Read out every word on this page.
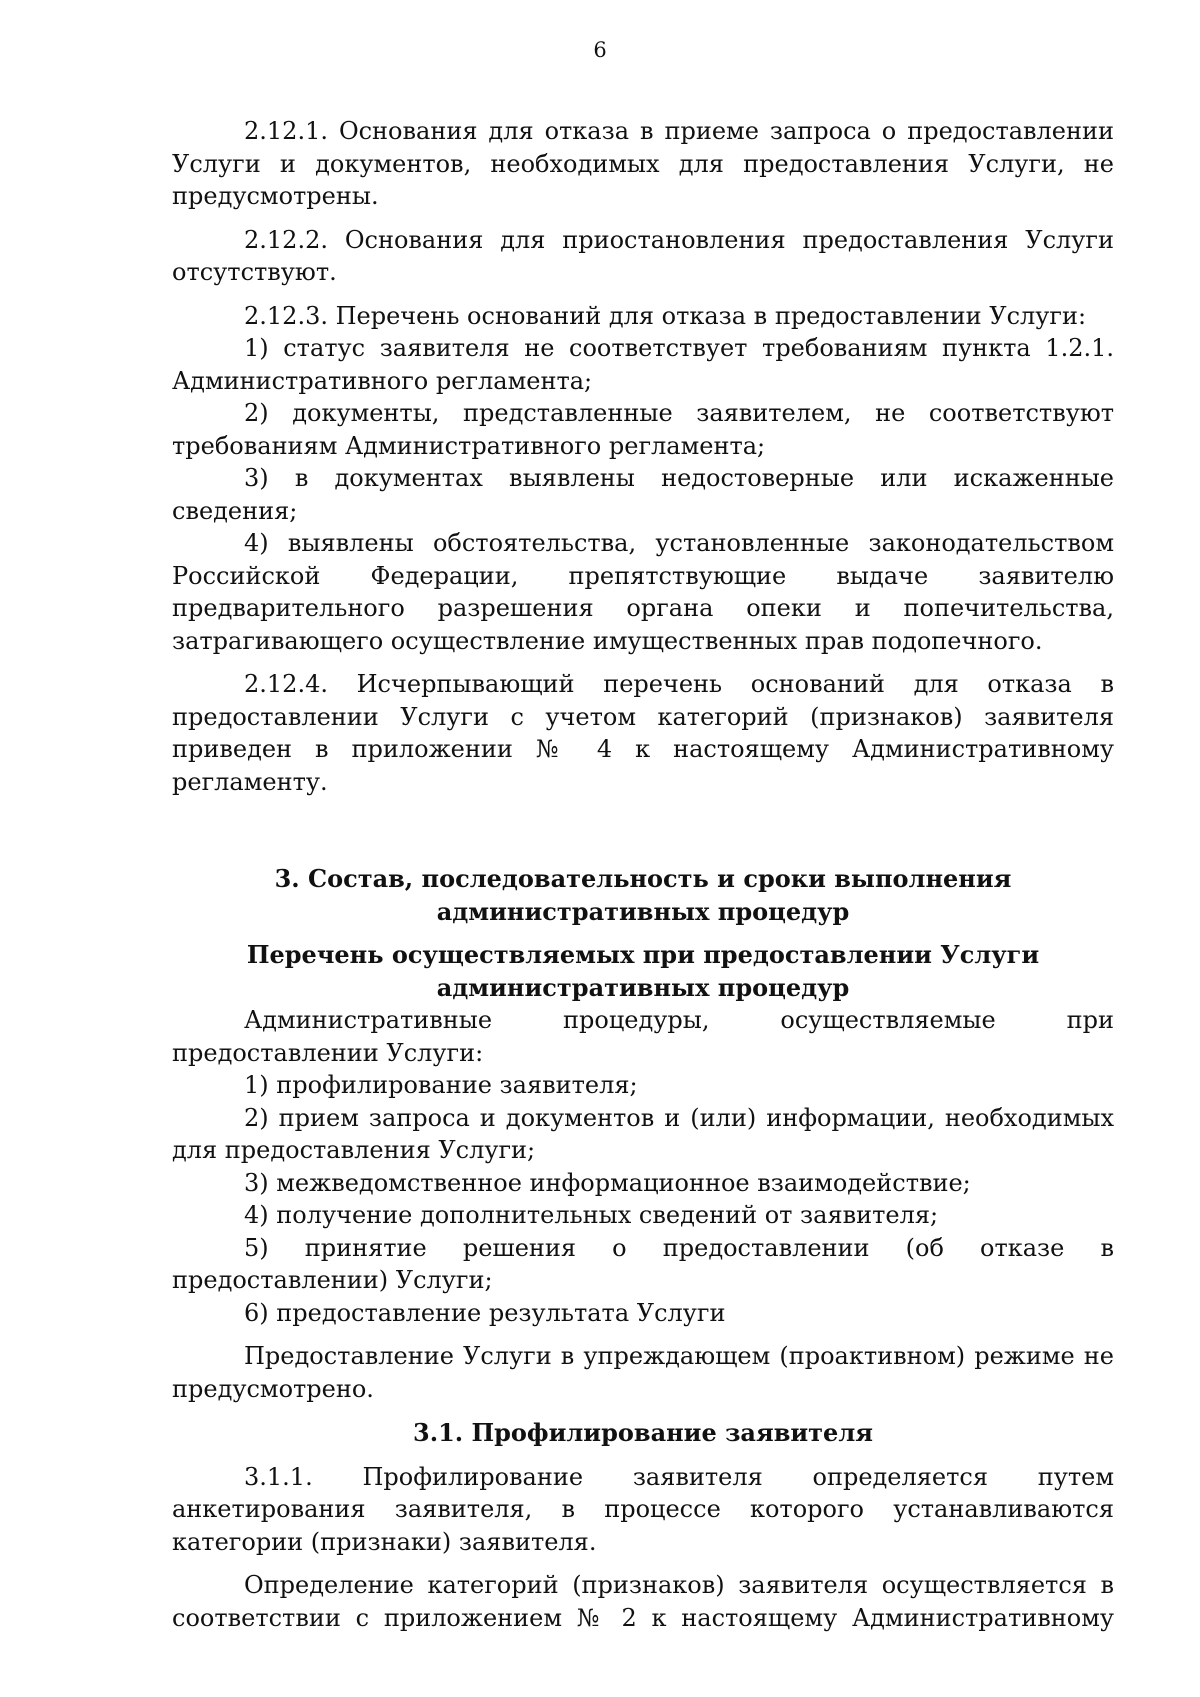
6

2.12.1. Основания для отказа в приеме запроса о предоставлении Услуги и документов, необходимых для предоставления Услуги, не предусмотрены.

2.12.2. Основания для приостановления предоставления Услуги отсутствуют.

2.12.3. Перечень оснований для отказа в предоставлении Услуги:

1) статус заявителя не соответствует требованиям пункта 1.2.1. Административного регламента;

2) документы, представленные заявителем, не соответствуют требованиям Административного регламента;

3) в документах выявлены недостоверные или искаженные сведения;

4) выявлены обстоятельства, установленные законодательством Российской Федерации, препятствующие выдаче заявителю предварительного разрешения органа опеки и попечительства, затрагивающего осуществление имущественных прав подопечного.

2.12.4. Исчерпывающий перечень оснований для отказа в предоставлении Услуги с учетом категорий (признаков) заявителя приведен в приложении № 4 к настоящему Административному регламенту.

3. Состав, последовательность и сроки выполнения административных процедур

Перечень осуществляемых при предоставлении Услуги административных процедур

Административные процедуры, осуществляемые при предоставлении Услуги:

1) профилирование заявителя;

2) прием запроса и документов и (или) информации, необходимых для предоставления Услуги;

3) межведомственное информационное взаимодействие;

4) получение дополнительных сведений от заявителя;

5) принятие решения о предоставлении (об отказе в предоставлении) Услуги;

6) предоставление результата Услуги

Предоставление Услуги в упреждающем (проактивном) режиме не предусмотрено.

3.1. Профилирование заявителя

3.1.1. Профилирование заявителя определяется путем анкетирования заявителя, в процессе которого устанавливаются категории (признаки) заявителя.

Определение категорий (признаков) заявителя осуществляется в соответствии с приложением № 2 к настоящему Административному
